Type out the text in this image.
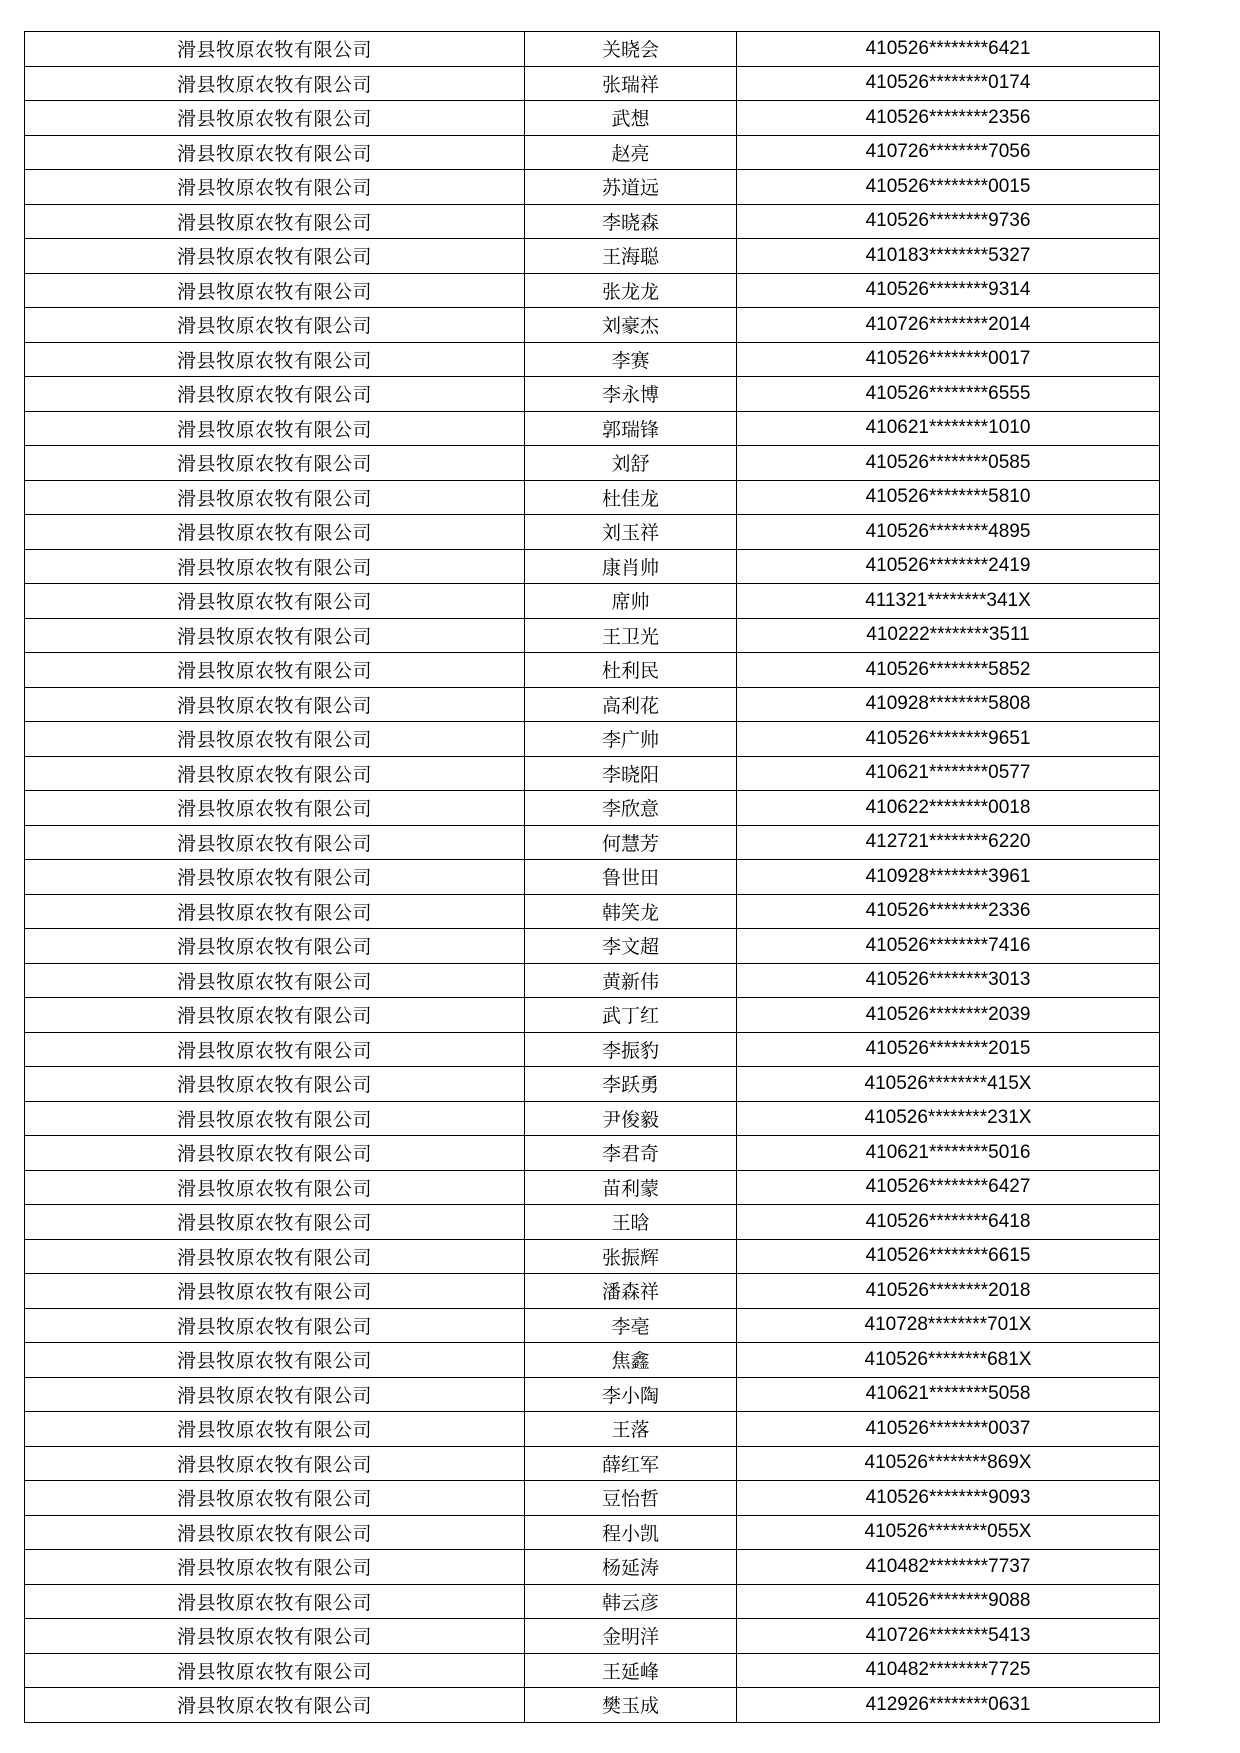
滑县牧原农牧有限公司	关晓会	410526********6421
滑县牧原农牧有限公司	张瑞祥	410526********0174
滑县牧原农牧有限公司	武想	410526********2356
滑县牧原农牧有限公司	赵亮	410726********7056
滑县牧原农牧有限公司	苏道远	410526********0015
滑县牧原农牧有限公司	李晓森	410526********9736
滑县牧原农牧有限公司	王海聪	410183********5327
滑县牧原农牧有限公司	张龙龙	410526********9314
滑县牧原农牧有限公司	刘豪杰	410726********2014
滑县牧原农牧有限公司	李赛	410526********0017
滑县牧原农牧有限公司	李永博	410526********6555
滑县牧原农牧有限公司	郭瑞锋	410621********1010
滑县牧原农牧有限公司	刘舒	410526********0585
滑县牧原农牧有限公司	杜佳龙	410526********5810
滑县牧原农牧有限公司	刘玉祥	410526********4895
滑县牧原农牧有限公司	康肖帅	410526********2419
滑县牧原农牧有限公司	席帅	411321********341X
滑县牧原农牧有限公司	王卫光	410222********3511
滑县牧原农牧有限公司	杜利民	410526********5852
滑县牧原农牧有限公司	高利花	410928********5808
滑县牧原农牧有限公司	李广帅	410526********9651
滑县牧原农牧有限公司	李晓阳	410621********0577
滑县牧原农牧有限公司	李欣意	410622********0018
滑县牧原农牧有限公司	何慧芳	412721********6220
滑县牧原农牧有限公司	鲁世田	410928********3961
滑县牧原农牧有限公司	韩笑龙	410526********2336
滑县牧原农牧有限公司	李文超	410526********7416
滑县牧原农牧有限公司	黄新伟	410526********3013
滑县牧原农牧有限公司	武丁红	410526********2039
滑县牧原农牧有限公司	李振豹	410526********2015
滑县牧原农牧有限公司	李跃勇	410526********415X
滑县牧原农牧有限公司	尹俊毅	410526********231X
滑县牧原农牧有限公司	李君奇	410621********5016
滑县牧原农牧有限公司	苗利蒙	410526********6427
滑县牧原农牧有限公司	王晗	410526********6418
滑县牧原农牧有限公司	张振辉	410526********6615
滑县牧原农牧有限公司	潘森祥	410526********2018
滑县牧原农牧有限公司	李亳	410728********701X
滑县牧原农牧有限公司	焦鑫	410526********681X
滑县牧原农牧有限公司	李小陶	410621********5058
滑县牧原农牧有限公司	王落	410526********0037
滑县牧原农牧有限公司	薛红军	410526********869X
滑县牧原农牧有限公司	豆怡哲	410526********9093
滑县牧原农牧有限公司	程小凯	410526********055X
滑县牧原农牧有限公司	杨延涛	410482********7737
滑县牧原农牧有限公司	韩云彦	410526********9088
滑县牧原农牧有限公司	金明洋	410726********5413
滑县牧原农牧有限公司	王延峰	410482********7725
滑县牧原农牧有限公司	樊玉成	412926********0631
